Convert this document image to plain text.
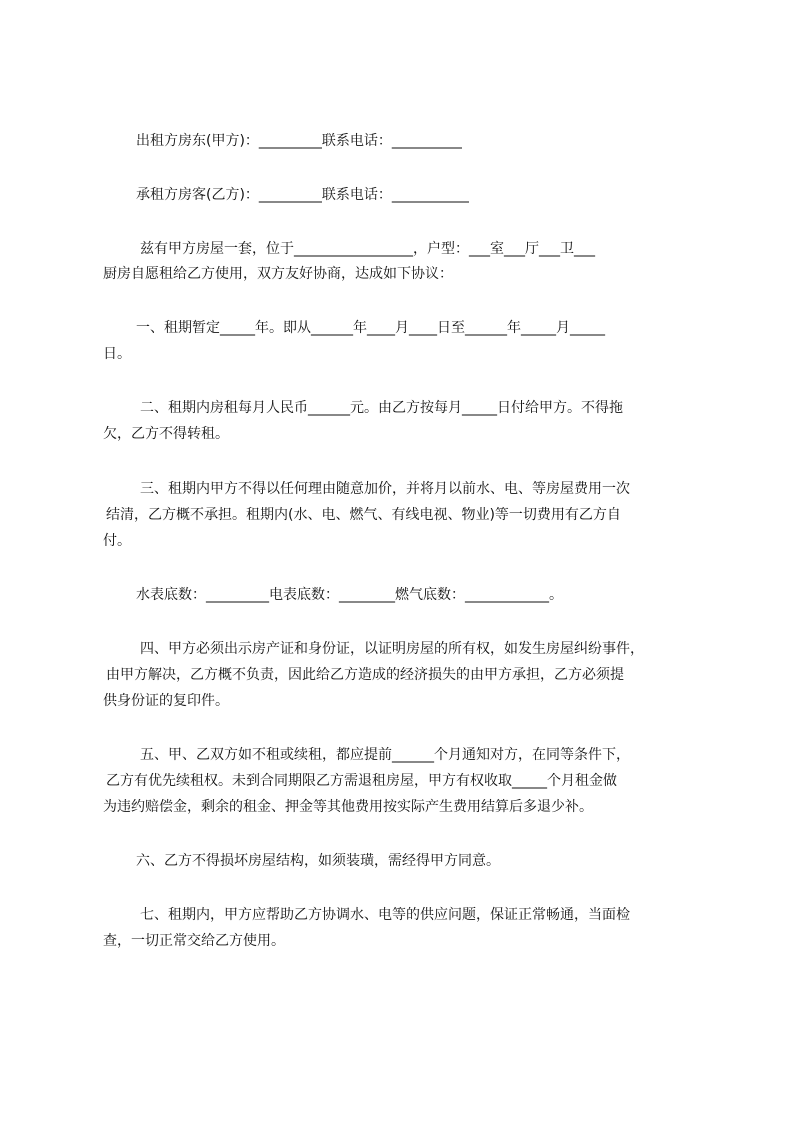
出租方房东(甲方)：_________联系电话：__________
承租方房客(乙方)：_________联系电话：___________
兹有甲方房屋一套，位于_________________，户型：___室___厅___卫___
厨房自愿租给乙方使用，双方友好协商，达成如下协议：
一、租期暂定_____年。即从______年____月____日至______年_____月_____
日。
二、租期内房租每月人民币______元。由乙方按每月_____日付给甲方。不得拖
欠，乙方不得转租。
三、租期内甲方不得以任何理由随意加价，并将月以前水、电、等房屋费用一次
结清，乙方概不承担。租期内(水、电、燃气、有线电视、物业)等一切费用有乙方自
付。
水表底数：_________电表底数：________燃气底数：____________。
四、甲方必须出示房产证和身份证，以证明房屋的所有权，如发生房屋纠纷事件，
由甲方解决，乙方概不负责，因此给乙方造成的经济损失的由甲方承担，乙方必须提
供身份证的复印件。
五、甲、乙双方如不租或续租，都应提前______个月通知对方，在同等条件下，
乙方有优先续租权。未到合同期限乙方需退租房屋，甲方有权收取_____个月租金做
为违约赔偿金，剩余的租金、押金等其他费用按实际产生费用结算后多退少补。
六、乙方不得损坏房屋结构，如须装璜，需经得甲方同意。
七、租期内，甲方应帮助乙方协调水、电等的供应问题，保证正常畅通，当面检
查，一切正常交给乙方使用。
